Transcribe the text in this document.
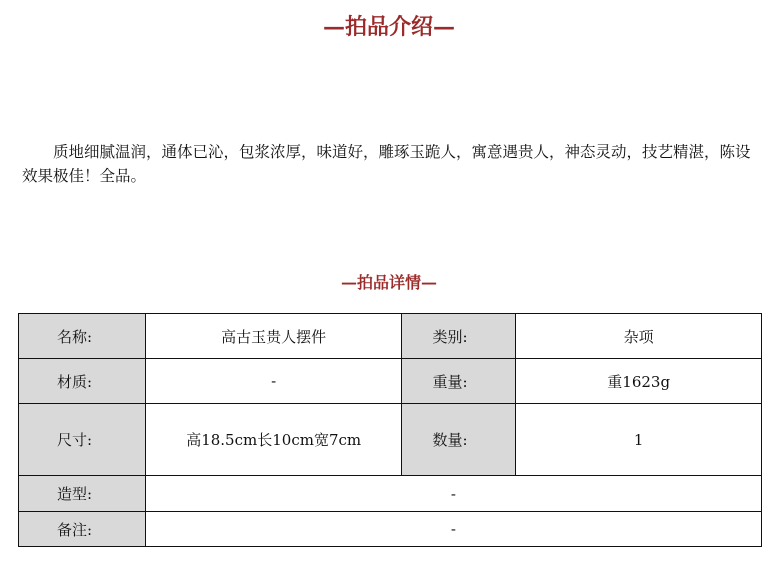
—拍品介绍—
质地细腻温润，通体已沁，包浆浓厚，味道好，雕琢玉跪人，寓意遇贵人，神态灵动，技艺精湛，陈设效果极佳！全品。
—拍品详情—
名称:	高古玉贵人摆件	类别:	杂项
材质:	-	重量:	重1623g
尺寸:	高18.5cm长10cm宽7cm	数量:	1
造型:	-		
备注:	-		
